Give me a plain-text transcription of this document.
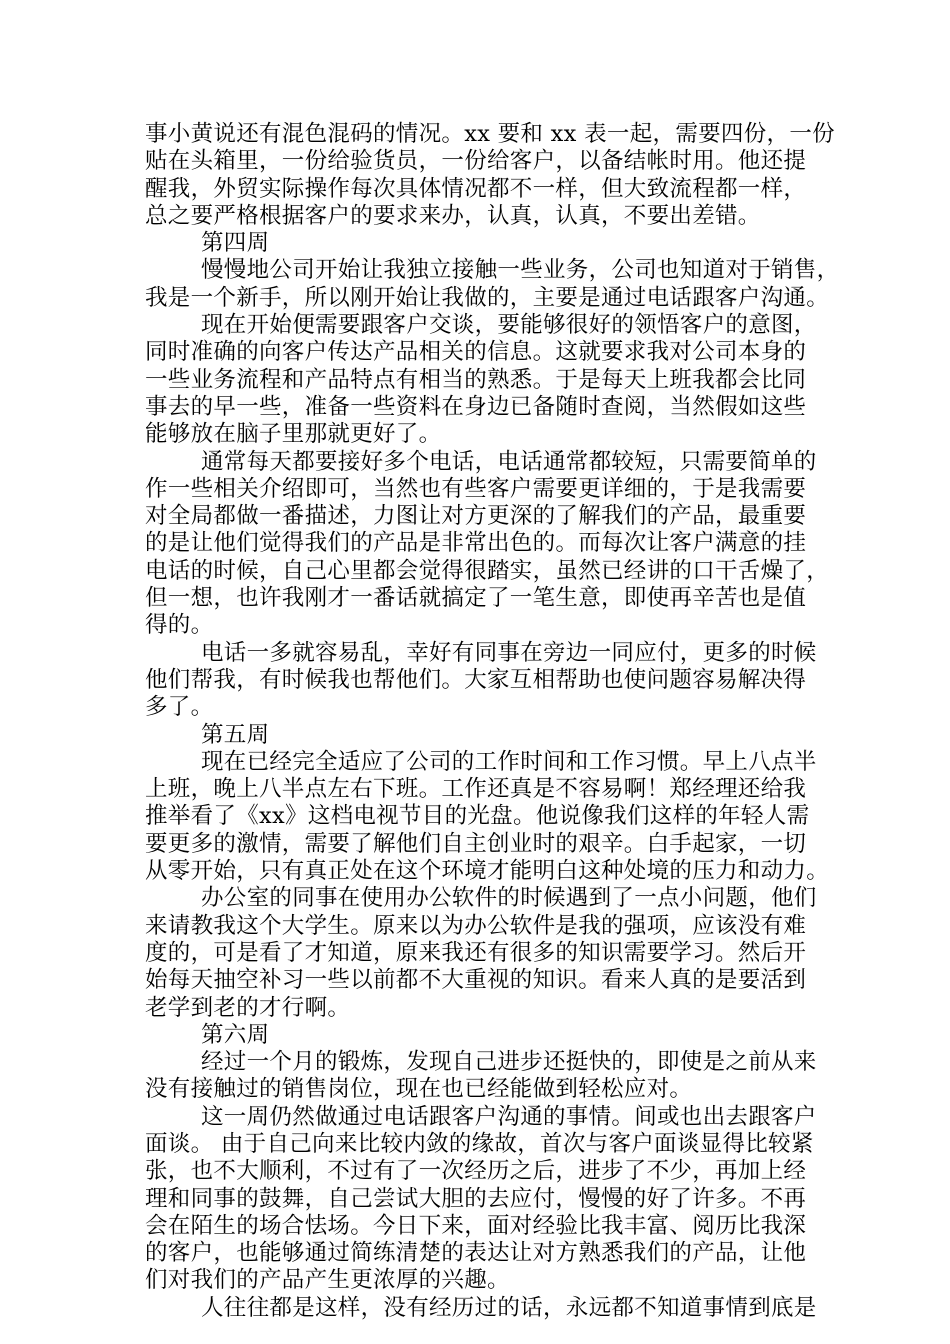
事小黄说还有混色混码的情况。xx 要和 xx 表一起，需要四份，一份
贴在头箱里，一份给验货员，一份给客户，以备结帐时用。他还提
醒我，外贸实际操作每次具体情况都不一样，但大致流程都一样，
总之要严格根据客户的要求来办，认真，认真，不要出差错。
第四周
慢慢地公司开始让我独立接触一些业务，公司也知道对于销售，
我是一个新手，所以刚开始让我做的，主要是通过电话跟客户沟通。
现在开始便需要跟客户交谈，要能够很好的领悟客户的意图，
同时准确的向客户传达产品相关的信息。这就要求我对公司本身的
一些业务流程和产品特点有相当的熟悉。于是每天上班我都会比同
事去的早一些，准备一些资料在身边已备随时查阅，当然假如这些
能够放在脑子里那就更好了。
通常每天都要接好多个电话，电话通常都较短，只需要简单的
作一些相关介绍即可，当然也有些客户需要更详细的，于是我需要
对全局都做一番描述，力图让对方更深的了解我们的产品，最重要
的是让他们觉得我们的产品是非常出色的。而每次让客户满意的挂
电话的时候，自己心里都会觉得很踏实，虽然已经讲的口干舌燥了，
但一想，也许我刚才一番话就搞定了一笔生意，即使再辛苦也是值
得的。
电话一多就容易乱，幸好有同事在旁边一同应付，更多的时候
他们帮我，有时候我也帮他们。大家互相帮助也使问题容易解决得
多了。
第五周
现在已经完全适应了公司的工作时间和工作习惯。早上八点半
上班，晚上八半点左右下班。工作还真是不容易啊！郑经理还给我
推举看了《xx》这档电视节目的光盘。他说像我们这样的年轻人需
要更多的激情，需要了解他们自主创业时的艰辛。白手起家，一切
从零开始，只有真正处在这个环境才能明白这种处境的压力和动力。
办公室的同事在使用办公软件的时候遇到了一点小问题，他们
来请教我这个大学生。原来以为办公软件是我的强项，应该没有难
度的，可是看了才知道，原来我还有很多的知识需要学习。然后开
始每天抽空补习一些以前都不大重视的知识。看来人真的是要活到
老学到老的才行啊。
第六周
经过一个月的锻炼，发现自己进步还挺快的，即使是之前从来
没有接触过的销售岗位，现在也已经能做到轻松应对。
这一周仍然做通过电话跟客户沟通的事情。间或也出去跟客户
面谈。 由于自己向来比较内敛的缘故，首次与客户面谈显得比较紧
张，也不大顺利，不过有了一次经历之后，进步了不少，再加上经
理和同事的鼓舞，自己尝试大胆的去应付，慢慢的好了许多。不再
会在陌生的场合怯场。今日下来，面对经验比我丰富、阅历比我深
的客户，也能够通过简练清楚的表达让对方熟悉我们的产品，让他
们对我们的产品产生更浓厚的兴趣。
人往往都是这样，没有经历过的话，永远都不知道事情到底是
